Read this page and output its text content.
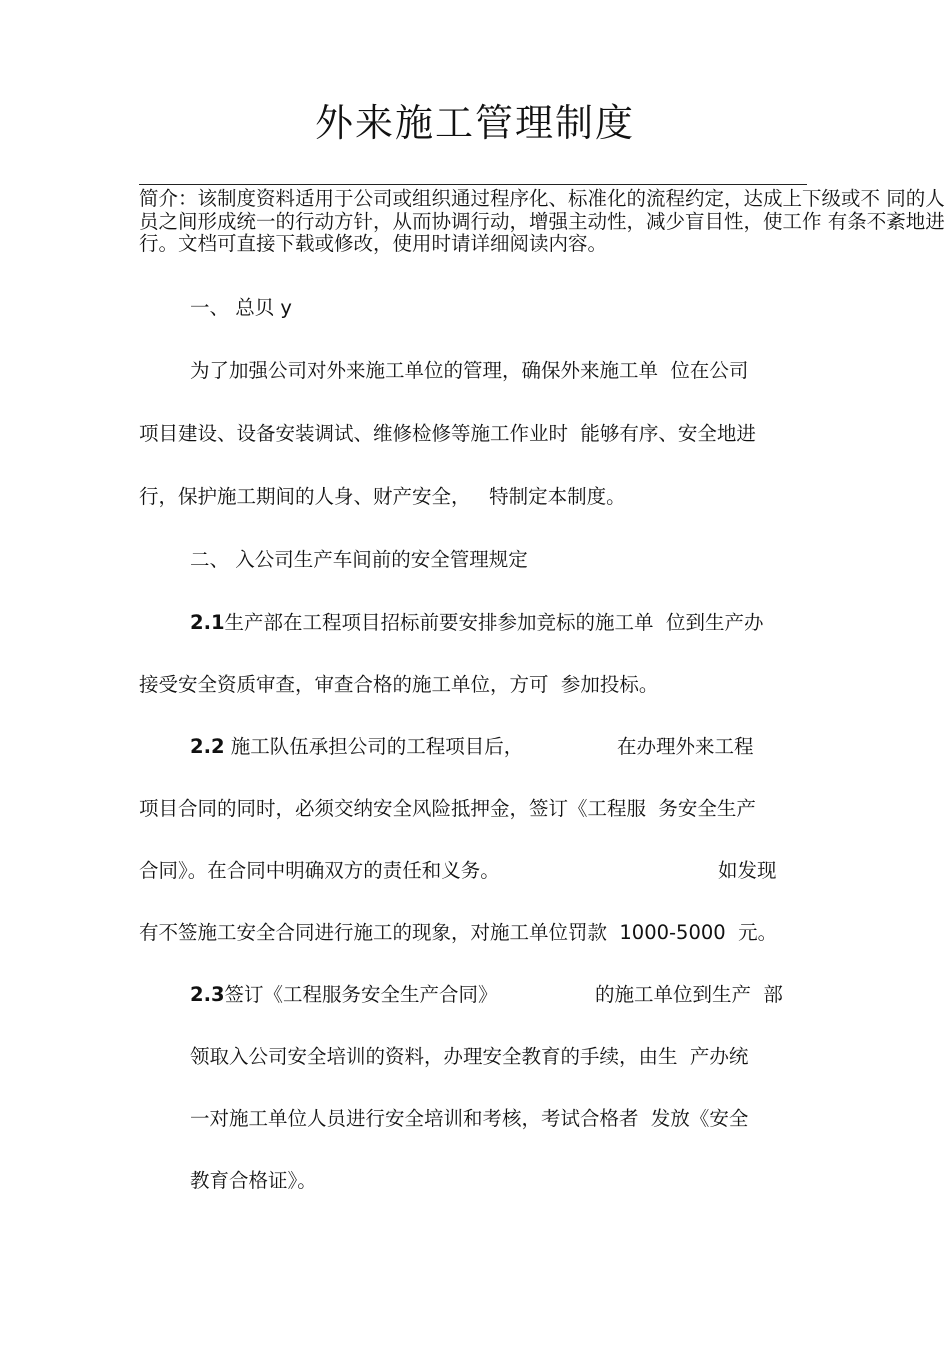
外来施工管理制度
简介：该制度资料适用于公司或组织通过程序化、标准化的流程约定，达成上下级或不 同的人
员之间形成统一的行动方针，从而协调行动，增强主动性，减少盲目性，使工作 有条不紊地进
行。文档可直接下载或修改，使用时请详细阅读内容。
一、 总贝 y
为了加强公司对外来施工单位的管理，确保外来施工单  位在公司
项目建设、设备安装调试、维修检修等施工作业时  能够有序、安全地进
行，保护施工期间的人身、财产安全，   特制定本制度。
二、 入公司生产车间前的安全管理规定
2.1生产部在工程项目招标前要安排参加竞标的施工单  位到生产办
接受安全资质审查，审查合格的施工单位，方可  参加投标。
2.2 施工队伍承担公司的工程项目后，	在办理外来工程
项目合同的同时，必须交纳安全风险抵押金，签订《工程服  务安全生产
合同》。在合同中明确双方的责任和义务。	如发现
有不签施工安全合同进行施工的现象，对施工单位罚款  1000-5000  元。
2.3签订《工程服务安全生产合同》	的施工单位到生产  部
领取入公司安全培训的资料，办理安全教育的手续，由生  产办统
一对施工单位人员进行安全培训和考核，考试合格者  发放《安全
教育合格证》。
